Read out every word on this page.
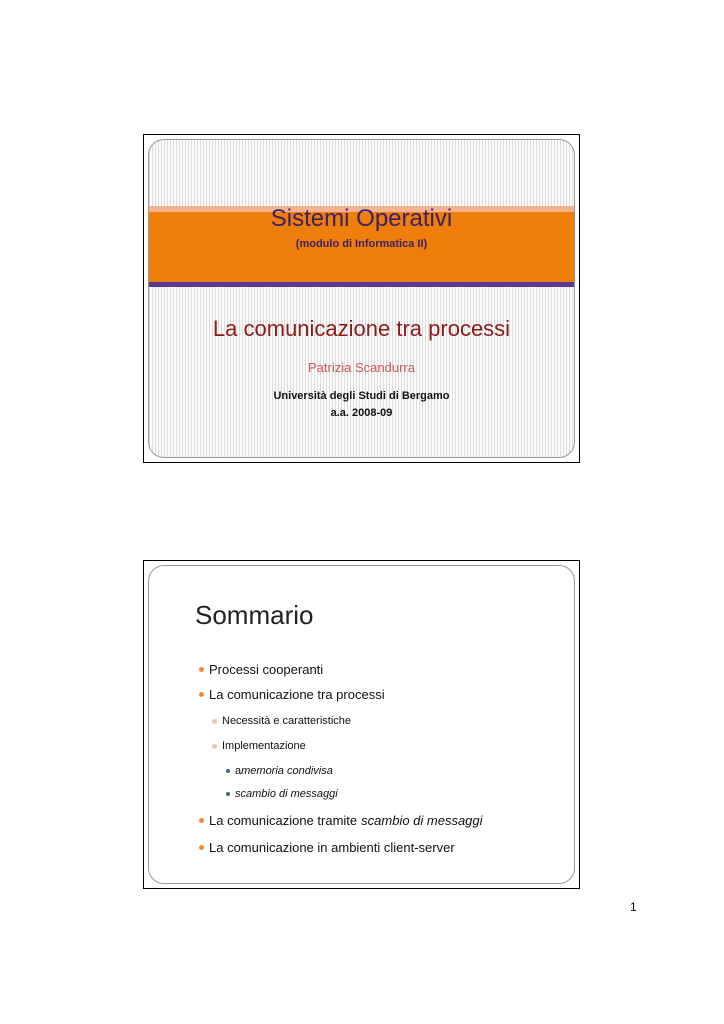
Sistemi Operativi
(modulo di Informatica II)
La comunicazione tra processi
Patrizia Scandurra
Università degli Studi di Bergamo
a.a. 2008-09
Sommario
Processi cooperanti
La comunicazione tra processi
Necessità e caratteristiche
Implementazione
a memoria condivisa
scambio di messaggi
La comunicazione tramite scambio di messaggi
La comunicazione in ambienti client-server
1
